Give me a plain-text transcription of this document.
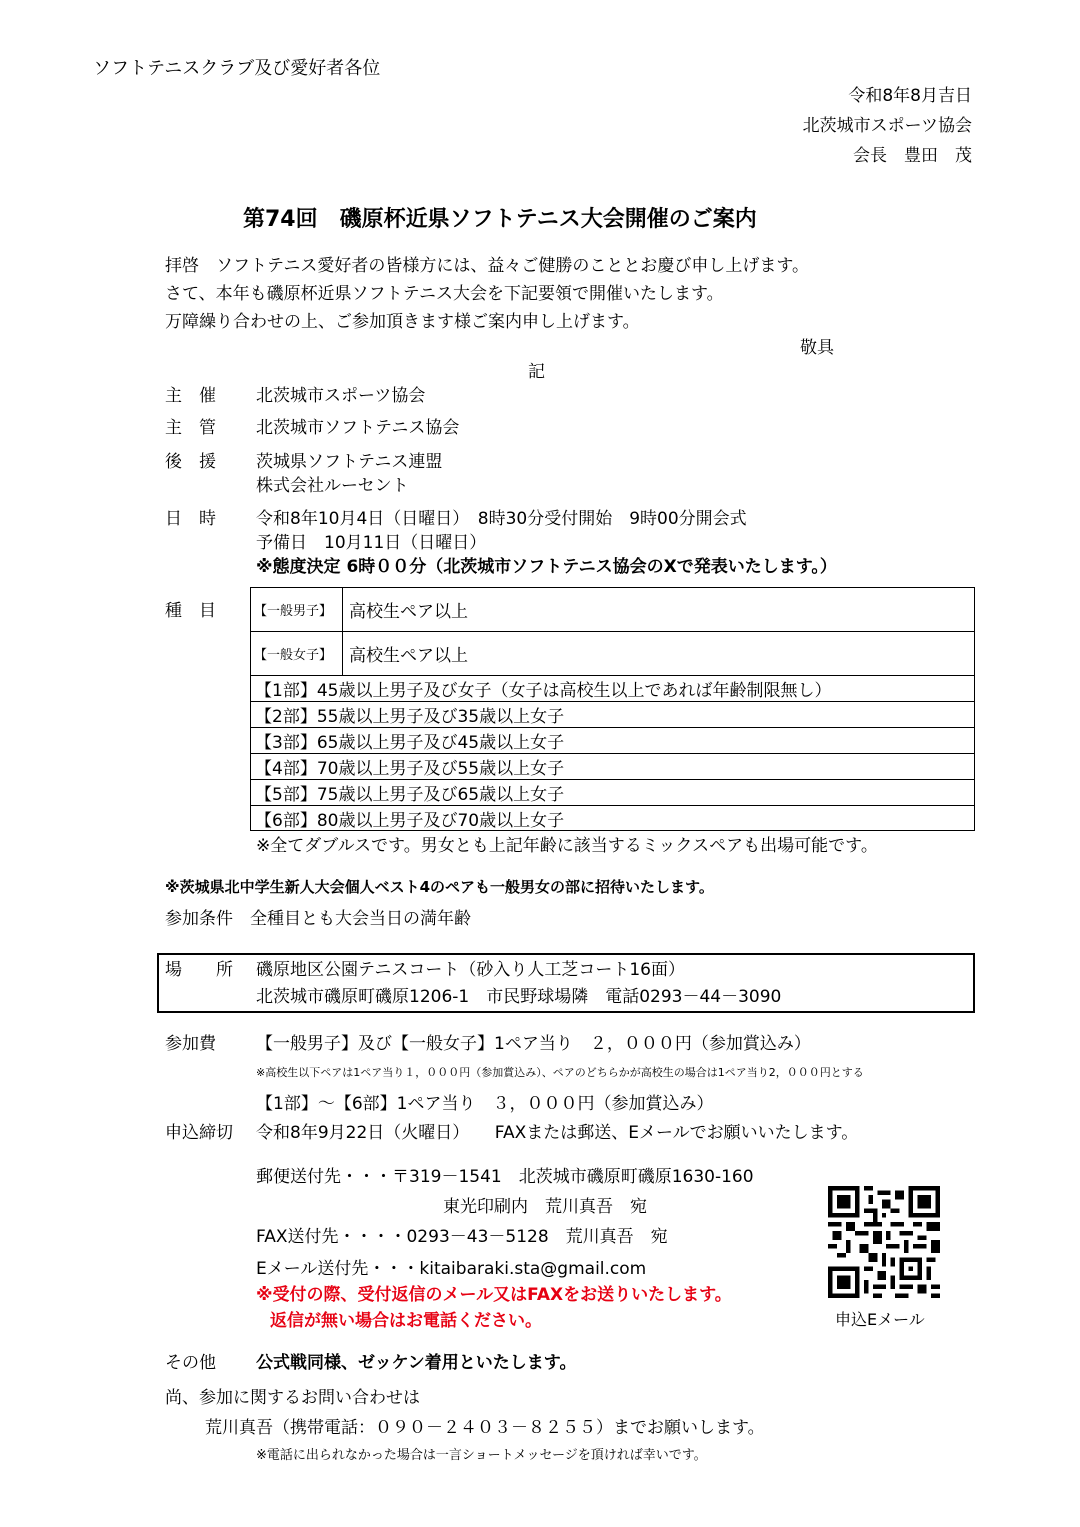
ソフトテニスクラブ及び愛好者各位
令和8年8月吉日
北茨城市スポーツ協会
会長　豊田　茂
第74回　磯原杯近県ソフトテニス大会開催のご案内
拝啓　ソフトテニス愛好者の皆様方には、益々ご健勝のこととお慶び申し上げます。
さて、本年も磯原杯近県ソフトテニス大会を下記要領で開催いたします。
万障繰り合わせの上、ご参加頂きます様ご案内申し上げます。
敬具
記
主　催 北茨城市スポーツ協会
主　管 北茨城市ソフトテニス協会
後　援 茨城県ソフトテニス連盟
株式会社ルーセント
日　時 令和8年10月4日（日曜日）　8時30分受付開始　9時00分開会式
予備日　10月11日（日曜日）
※態度決定 6時００分（北茨城市ソフトテニス協会のXで発表いたします。）
種　目	【一般男子】 高校生ペア以上
【一般女子】 高校生ペア以上
【1部】45歳以上男子及び女子（女子は高校生以上であれば年齢制限無し）
【2部】55歳以上男子及び35歳以上女子
【3部】65歳以上男子及び45歳以上女子
【4部】70歳以上男子及び55歳以上女子
【5部】75歳以上男子及び65歳以上女子
【6部】80歳以上男子及び70歳以上女子
※全てダブルスです。男女とも上記年齢に該当するミックスペアも出場可能です。
※茨城県北中学生新人大会個人ベスト4のペアも一般男女の部に招待いたします。
参加条件　全種目とも大会当日の満年齢
場　　所 磯原地区公園テニスコート（砂入り人工芝コート16面）
北茨城市磯原町磯原1206-1　市民野球場隣　電話0293－44－3090
参加費 【一般男子】及び【一般女子】1ペア当り　２，０００円（参加賞込み）
※高校生以下ペアは1ペア当り１，０００円（参加賞込み）、ペアのどちらかが高校生の場合は1ペア当り2，０００円とする
【1部】～【6部】1ペア当り　３，０００円（参加賞込み）
申込締切 令和8年9月22日（火曜日）　　FAXまたは郵送、Eメールでお願いいたします。
郵便送付先・・・〒319－1541　北茨城市磯原町磯原1630-160
東光印刷内　荒川真吾　宛
FAX送付先・・・・0293－43－5128　荒川真吾　宛
Eメール送付先・・・kitaibaraki.sta@gmail.com
※受付の際、受付返信のメール又はFAXをお送りいたします。
返信が無い場合はお電話ください。	申込Eメール
その他 公式戦同様、ゼッケン着用といたします。
尚、参加に関するお問い合わせは
荒川真吾（携帯電話：０９０－２４０３－８２５５）までお願いします。
※電話に出られなかった場合は一言ショートメッセージを頂ければ幸いです。
